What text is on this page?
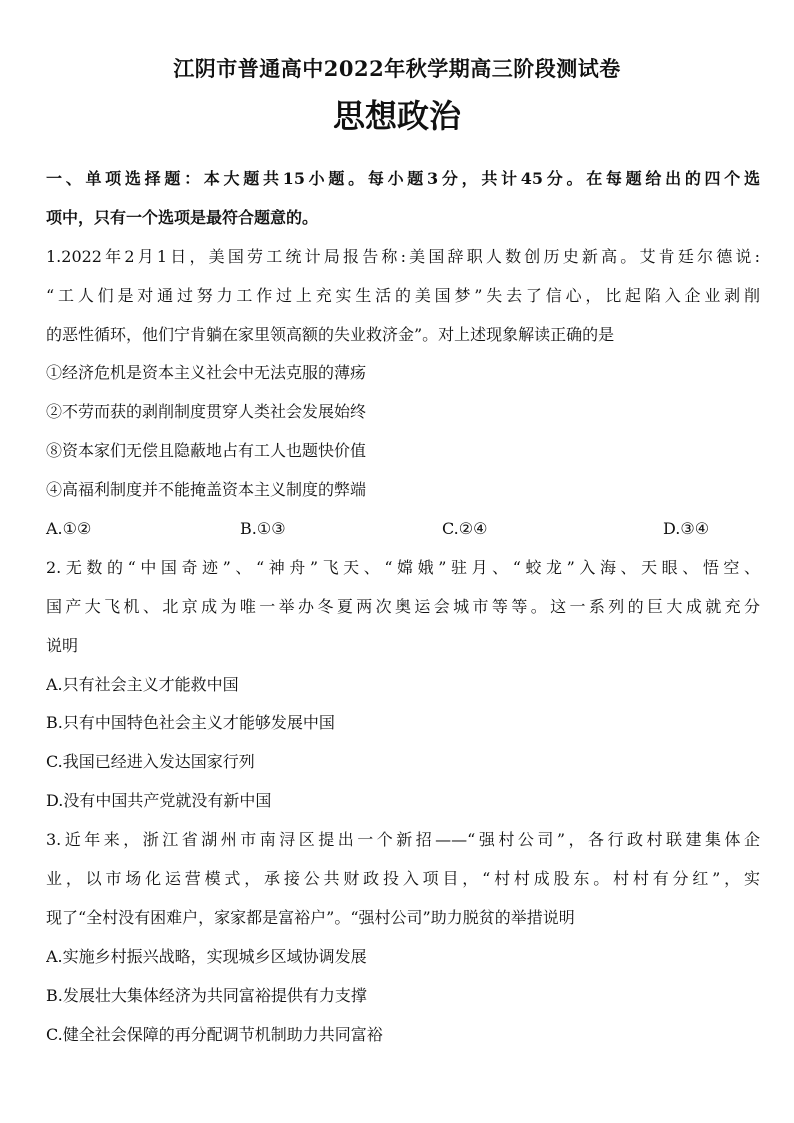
江阴市普通高中2022年秋学期高三阶段测试卷
思想政治
一、单项选择题：本大题共15小题。每小题3分，共计45分。在每题给出的四个选
项中，只有一个选项是最符合题意的。
1.2022年2月1日，美国劳工统计局报告称:美国辞职人数创历史新高。艾肯廷尔德说:
“工人们是对通过努力工作过上充实生活的美国梦”失去了信心，比起陷入企业剥削
的恶性循环，他们宁肯躺在家里领高额的失业救济金”。对上述现象解读正确的是
①经济危机是资本主义社会中无法克服的薄疡
②不劳而获的剥削制度贯穿人类社会发展始终
⑧资本家们无偿且隐蔽地占有工人也题快价值
④高福利制度并不能掩盖资本主义制度的弊端
A.①②	B.①③	C.②④	D.③④
2.无数的“中国奇迹”、“神舟”飞天、“嫦娥”驻月、“蛟龙”入海、天眼、悟空、
国产大飞机、北京成为唯一举办冬夏两次奥运会城市等等。这一系列的巨大成就充分
说明
A.只有社会主义才能救中国
B.只有中国特色社会主义才能够发展中国
C.我国已经进入发达国家行列
D.没有中国共产党就没有新中国
3.近年来，浙江省湖州市南浔区提出一个新招——“强村公司”，各行政村联建集体企
业，以市场化运营模式，承接公共财政投入项目，“村村成股东。村村有分红”，实
现了“全村没有困难户，家家都是富裕户”。“强村公司”助力脱贫的举措说明
A.实施乡村振兴战略，实现城乡区域协调发展
B.发展壮大集体经济为共同富裕提供有力支撑
C.健全社会保障的再分配调节机制助力共同富裕
